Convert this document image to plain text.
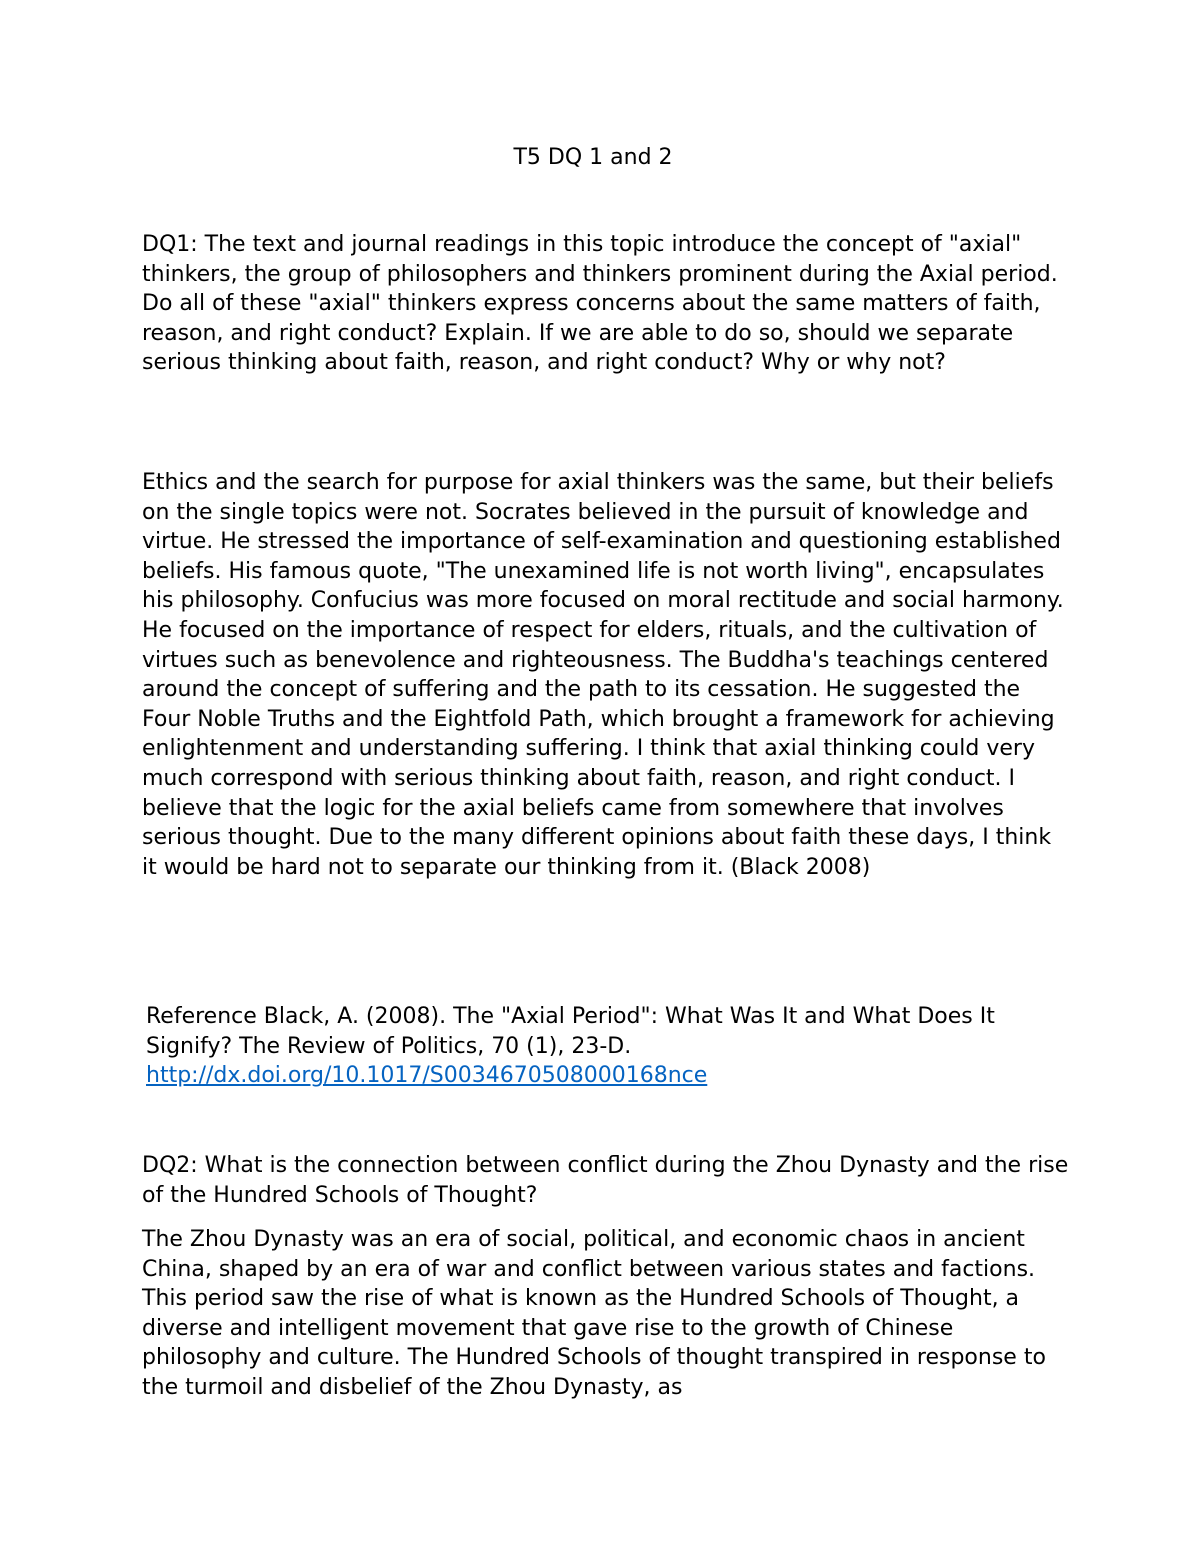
T5 DQ 1 and 2

DQ1: The text and journal readings in this topic introduce the concept of "axial" thinkers, the group of philosophers and thinkers prominent during the Axial period. Do all of these "axial" thinkers express concerns about the same matters of faith, reason, and right conduct? Explain. If we are able to do so, should we separate serious thinking about faith, reason, and right conduct? Why or why not?

Ethics and the search for purpose for axial thinkers was the same, but their beliefs on the single topics were not. Socrates believed in the pursuit of knowledge and virtue. He stressed the importance of self-examination and questioning established beliefs. His famous quote, "The unexamined life is not worth living", encapsulates his philosophy. Confucius was more focused on moral rectitude and social harmony. He focused on the importance of respect for elders, rituals, and the cultivation of virtues such as benevolence and righteousness. The Buddha's teachings centered around the concept of suffering and the path to its cessation. He suggested the Four Noble Truths and the Eightfold Path, which brought a framework for achieving enlightenment and understanding suffering. I think that axial thinking could very much correspond with serious thinking about faith, reason, and right conduct. I believe that the logic for the axial beliefs came from somewhere that involves serious thought. Due to the many different opinions about faith these days, I think it would be hard not to separate our thinking from it. (Black 2008)

Reference Black, A. (2008). The "Axial Period": What Was It and What Does It Signify? The Review of Politics, 70 (1), 23-D.
http://dx.doi.org/10.1017/S0034670508000168nce

DQ2: What is the connection between conflict during the Zhou Dynasty and the rise of the Hundred Schools of Thought?

The Zhou Dynasty was an era of social, political, and economic chaos in ancient China, shaped by an era of war and conflict between various states and factions. This period saw the rise of what is known as the Hundred Schools of Thought, a diverse and intelligent movement that gave rise to the growth of Chinese philosophy and culture. The Hundred Schools of thought transpired in response to the turmoil and disbelief of the Zhou Dynasty, as
